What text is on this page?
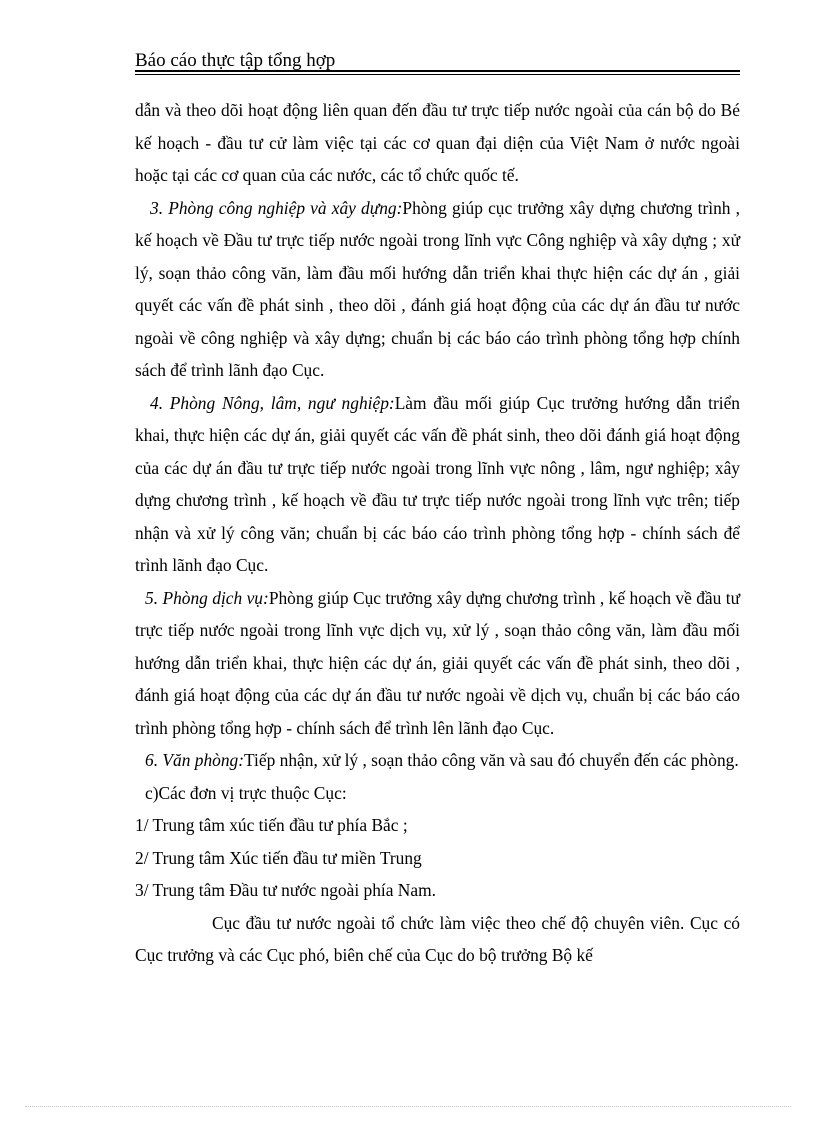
Báo cáo thực tập tổng hợp

dẫn và theo dõi hoạt động liên quan đến đầu tư trực tiếp nước ngoài của cán bộ do Bé kế hoạch - đầu tư cử làm việc tại các cơ quan đại diện của Việt Nam ở nước ngoài hoặc tại các cơ quan của các nước, các tổ chức quốc tế.

3. Phòng công nghiệp và xây dựng:Phòng giúp cục trưởng xây dựng chương trình , kế hoạch về Đầu tư trực tiếp nước ngoài trong lĩnh vực Công nghiệp và xây dựng ; xử lý, soạn thảo công văn, làm đầu mối hướng dẫn triển khai thực hiện các dự án , giải quyết các vấn đề phát sinh , theo dõi , đánh giá hoạt động của các dự án đầu tư nước ngoài về công nghiệp và xây dựng; chuẩn bị các báo cáo trình phòng tổng hợp chính sách để trình lãnh đạo Cục.

4. Phòng Nông, lâm, ngư nghiệp:Làm đầu mối giúp Cục trưởng hướng dẫn triển khai, thực hiện các dự án, giải quyết các vấn đề phát sinh, theo dõi đánh giá hoạt động của các dự án đầu tư trực tiếp nước ngoài trong lĩnh vực nông , lâm, ngư nghiệp; xây dựng chương trình , kế hoạch về đầu tư trực tiếp nước ngoài trong lĩnh vực trên; tiếp nhận và xử lý công văn; chuẩn bị các báo cáo trình phòng tổng hợp - chính sách để trình lãnh đạo Cục.

5. Phòng dịch vụ:Phòng giúp Cục trưởng xây dựng chương trình , kế hoạch về đầu tư trực tiếp nước ngoài trong lĩnh vực dịch vụ, xử lý , soạn thảo công văn, làm đầu mối hướng dẫn triển khai, thực hiện các dự án, giải quyết các vấn đề phát sinh, theo dõi , đánh giá hoạt động của các dự án đầu tư nước ngoài về dịch vụ, chuẩn bị các báo cáo trình phòng tổng hợp - chính sách để trình lên lãnh đạo Cục.

6. Văn phòng:Tiếp nhận, xử lý , soạn thảo công văn và sau đó chuyển đến các phòng.

c)Các đơn vị trực thuộc Cục:

1/ Trung tâm xúc tiến đầu tư phía Bắc ;

2/ Trung tâm Xúc tiến đầu tư miền Trung

3/ Trung tâm Đầu tư nước ngoài phía Nam.

Cục đầu tư nước ngoài tổ chức làm việc theo chế độ chuyên viên. Cục có Cục trưởng và các Cục phó, biên chế của Cục do bộ trưởng Bộ kế
